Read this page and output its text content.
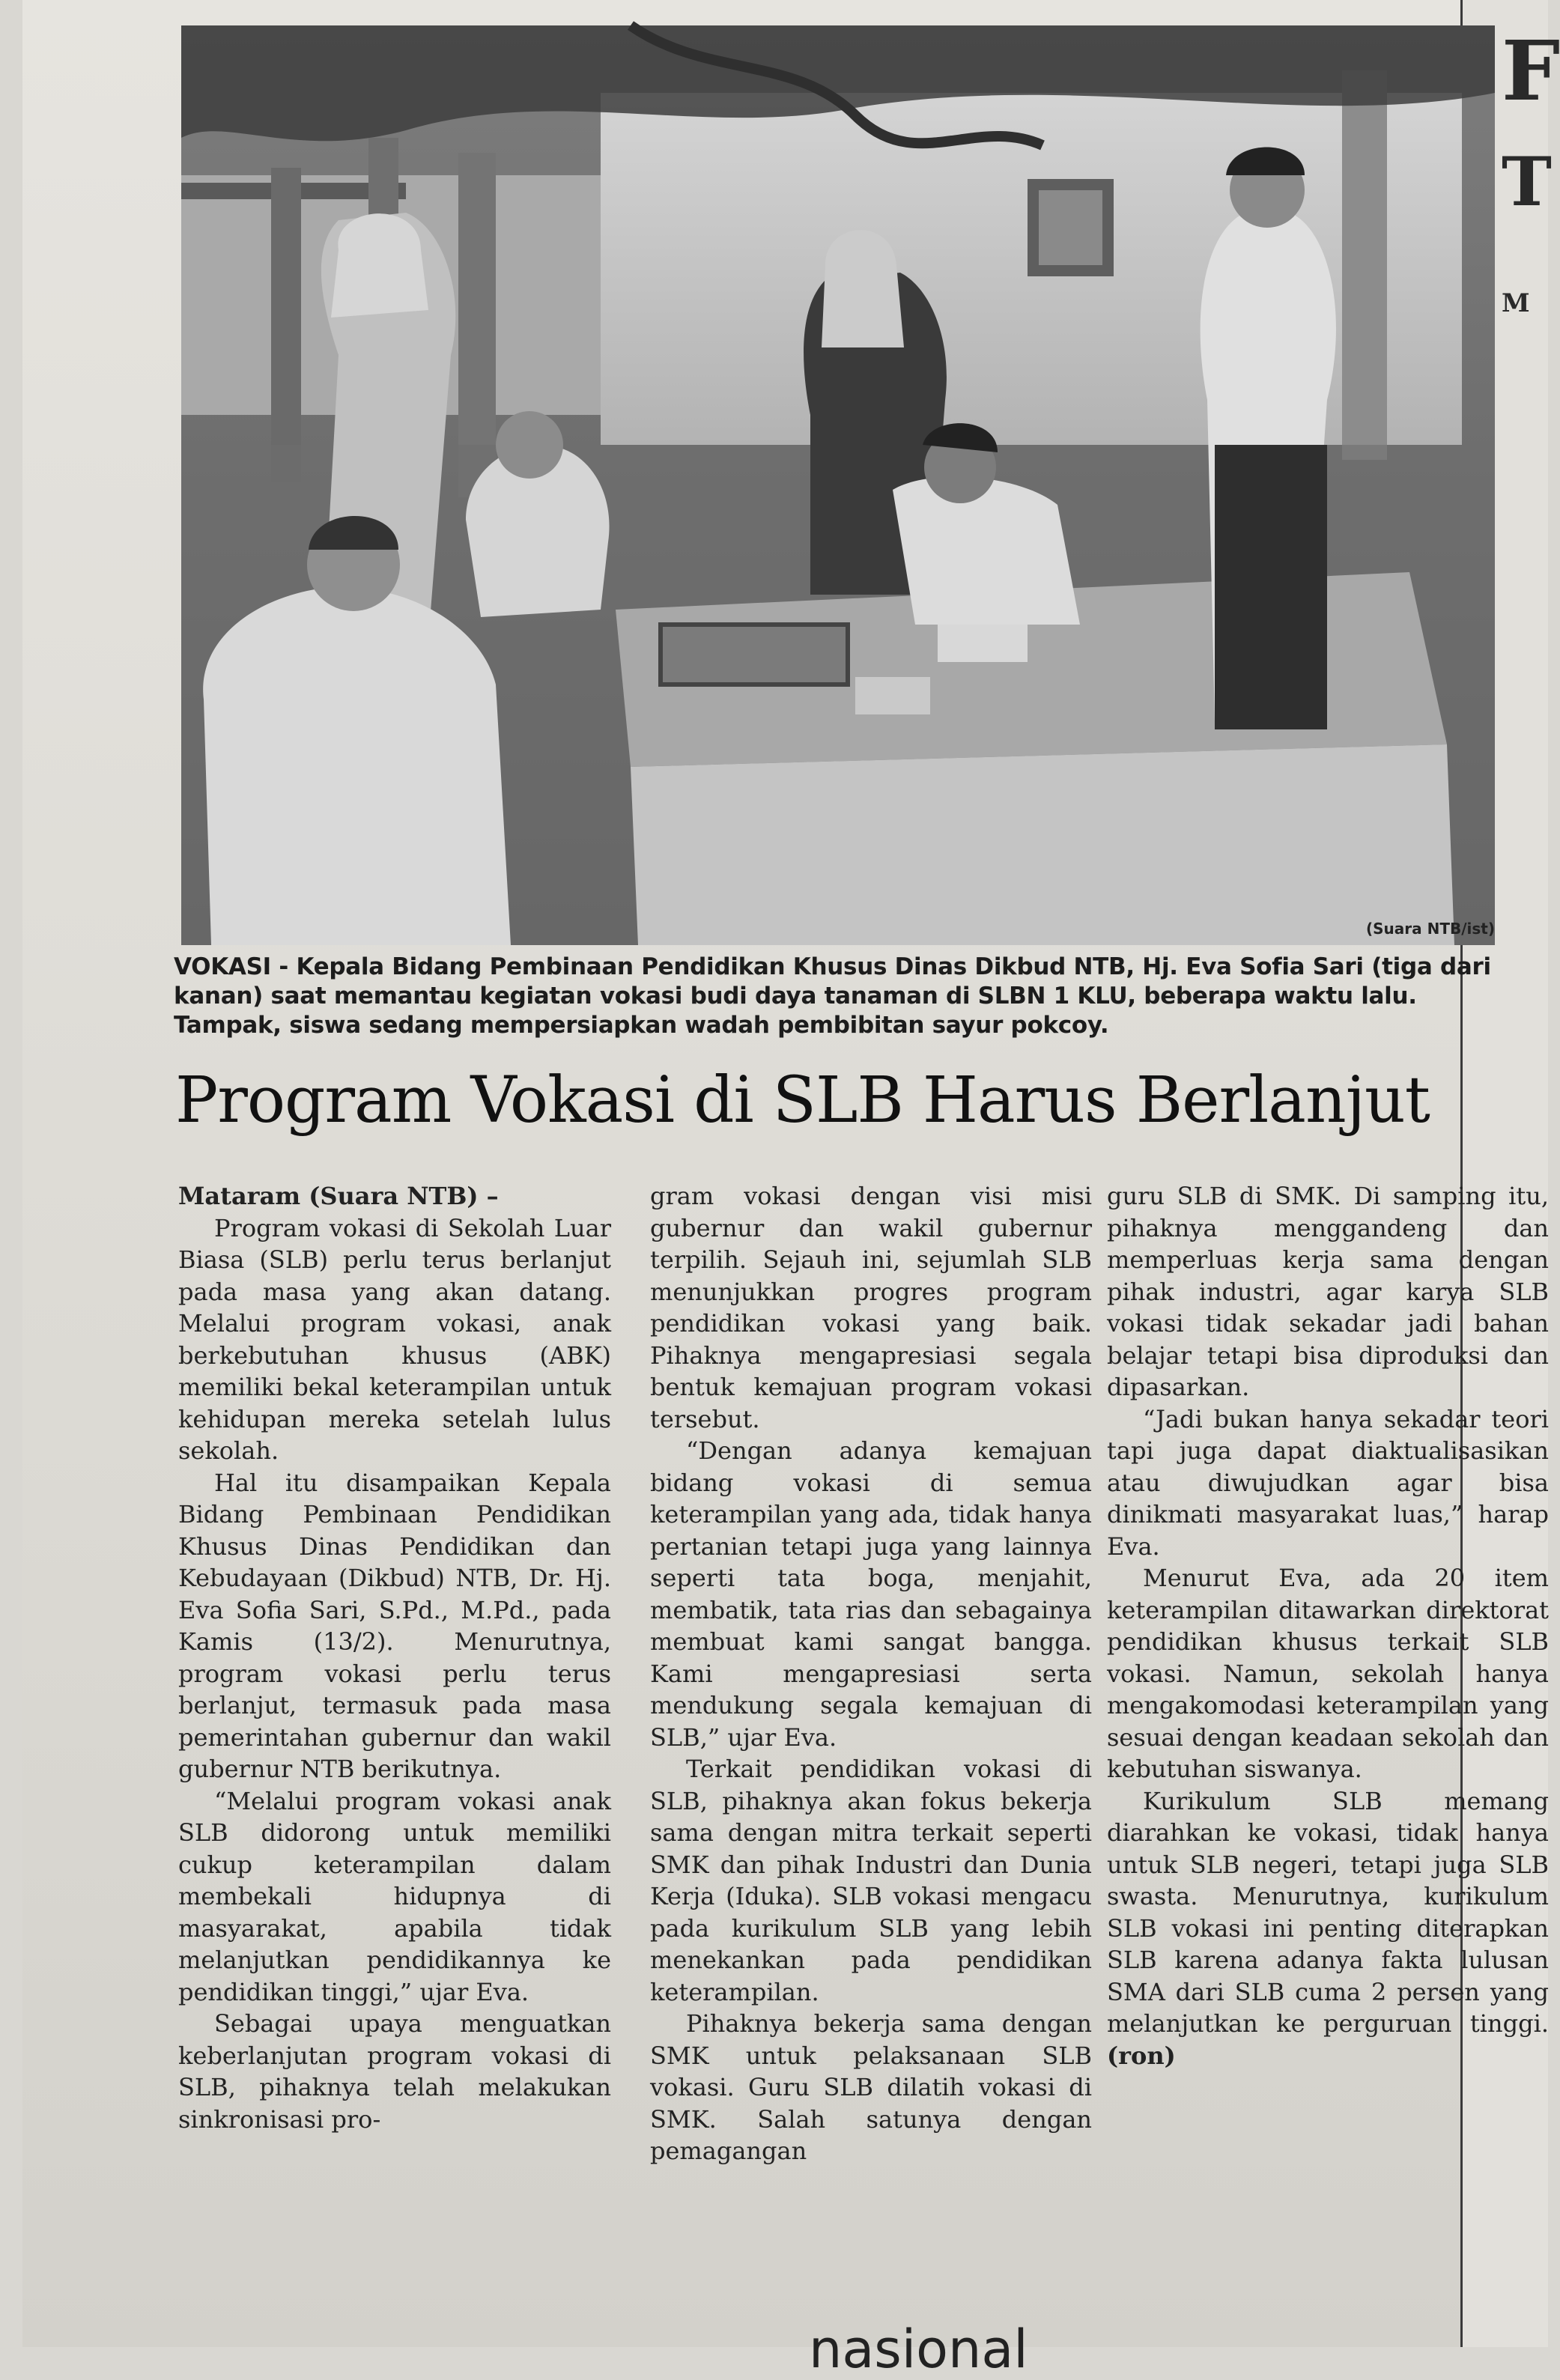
F
T
M
(Suara NTB/ist)
VOKASI - Kepala Bidang Pembinaan Pendidikan Khusus Dinas Dikbud NTB, Hj. Eva Sofia Sari (tiga dari kanan) saat memantau kegiatan vokasi budi daya tanaman di SLBN 1 KLU, beberapa waktu lalu. Tampak, siswa sedang mempersiapkan wadah pembibitan sayur pokcoy.
Program Vokasi di SLB Harus Berlanjut

Mataram (Suara NTB) –

Program vokasi di Sekolah Luar Biasa (SLB) perlu terus berlanjut pada masa yang akan datang. Melalui program vokasi, anak berkebutuhan khusus (ABK) memiliki bekal keterampilan untuk kehidupan mereka setelah lulus sekolah.

Hal itu disampaikan Kepala Bidang Pembinaan Pendidikan Khusus Dinas Pendidikan dan Kebudayaan (Dikbud) NTB, Dr. Hj. Eva Sofia Sari, S.Pd., M.Pd., pada Kamis (13/2). Menurutnya, program vokasi perlu terus berlanjut, termasuk pada masa pemerintahan gubernur dan wakil gubernur NTB berikutnya.

“Melalui program vokasi anak SLB didorong untuk memiliki cukup keterampilan dalam membekali hidupnya di masyarakat, apabila tidak melanjutkan pendidikannya ke pendidikan tinggi,” ujar Eva.

Sebagai upaya menguatkan keberlanjutan program vokasi di SLB, pihaknya telah melakukan sinkronisasi pro-

gram vokasi dengan visi misi gubernur dan wakil gubernur terpilih. Sejauh ini, sejumlah SLB menunjukkan progres program pendidikan vokasi yang baik. Pihaknya mengapresiasi segala bentuk kemajuan program vokasi tersebut.

“Dengan adanya kemajuan bidang vokasi di semua keterampilan yang ada, tidak hanya pertanian tetapi juga yang lainnya seperti tata boga, menjahit, membatik, tata rias dan sebagainya membuat kami sangat bangga. Kami mengapresiasi serta mendukung segala kemajuan di SLB,” ujar Eva.

Terkait pendidikan vokasi di SLB, pihaknya akan fokus bekerja sama dengan mitra terkait seperti SMK dan pihak Industri dan Dunia Kerja (Iduka). SLB vokasi mengacu pada kurikulum SLB yang lebih menekankan pada pendidikan keterampilan.

Pihaknya bekerja sama dengan SMK untuk pelaksanaan SLB vokasi. Guru SLB dilatih vokasi di SMK. Salah satunya dengan pemagangan

guru SLB di SMK. Di samping itu, pihaknya menggandeng dan memperluas kerja sama dengan pihak industri, agar karya SLB vokasi tidak sekadar jadi bahan belajar tetapi bisa diproduksi dan dipasarkan.

“Jadi bukan hanya sekadar teori tapi juga dapat diaktualisasikan atau diwujudkan agar bisa dinikmati masyarakat luas,” harap Eva.

Menurut Eva, ada 20 item keterampilan ditawarkan direktorat pendidikan khusus terkait SLB vokasi. Namun, sekolah hanya mengakomodasi keterampilan yang sesuai dengan keadaan sekolah dan kebutuhan siswanya.

Kurikulum SLB memang diarahkan ke vokasi, tidak hanya untuk SLB negeri, tetapi juga SLB swasta. Menurutnya, kurikulum SLB vokasi ini penting diterapkan SLB karena adanya fakta lulusan SMA dari SLB cuma 2 persen yang melanjutkan ke perguruan tinggi. (ron)

nasional
